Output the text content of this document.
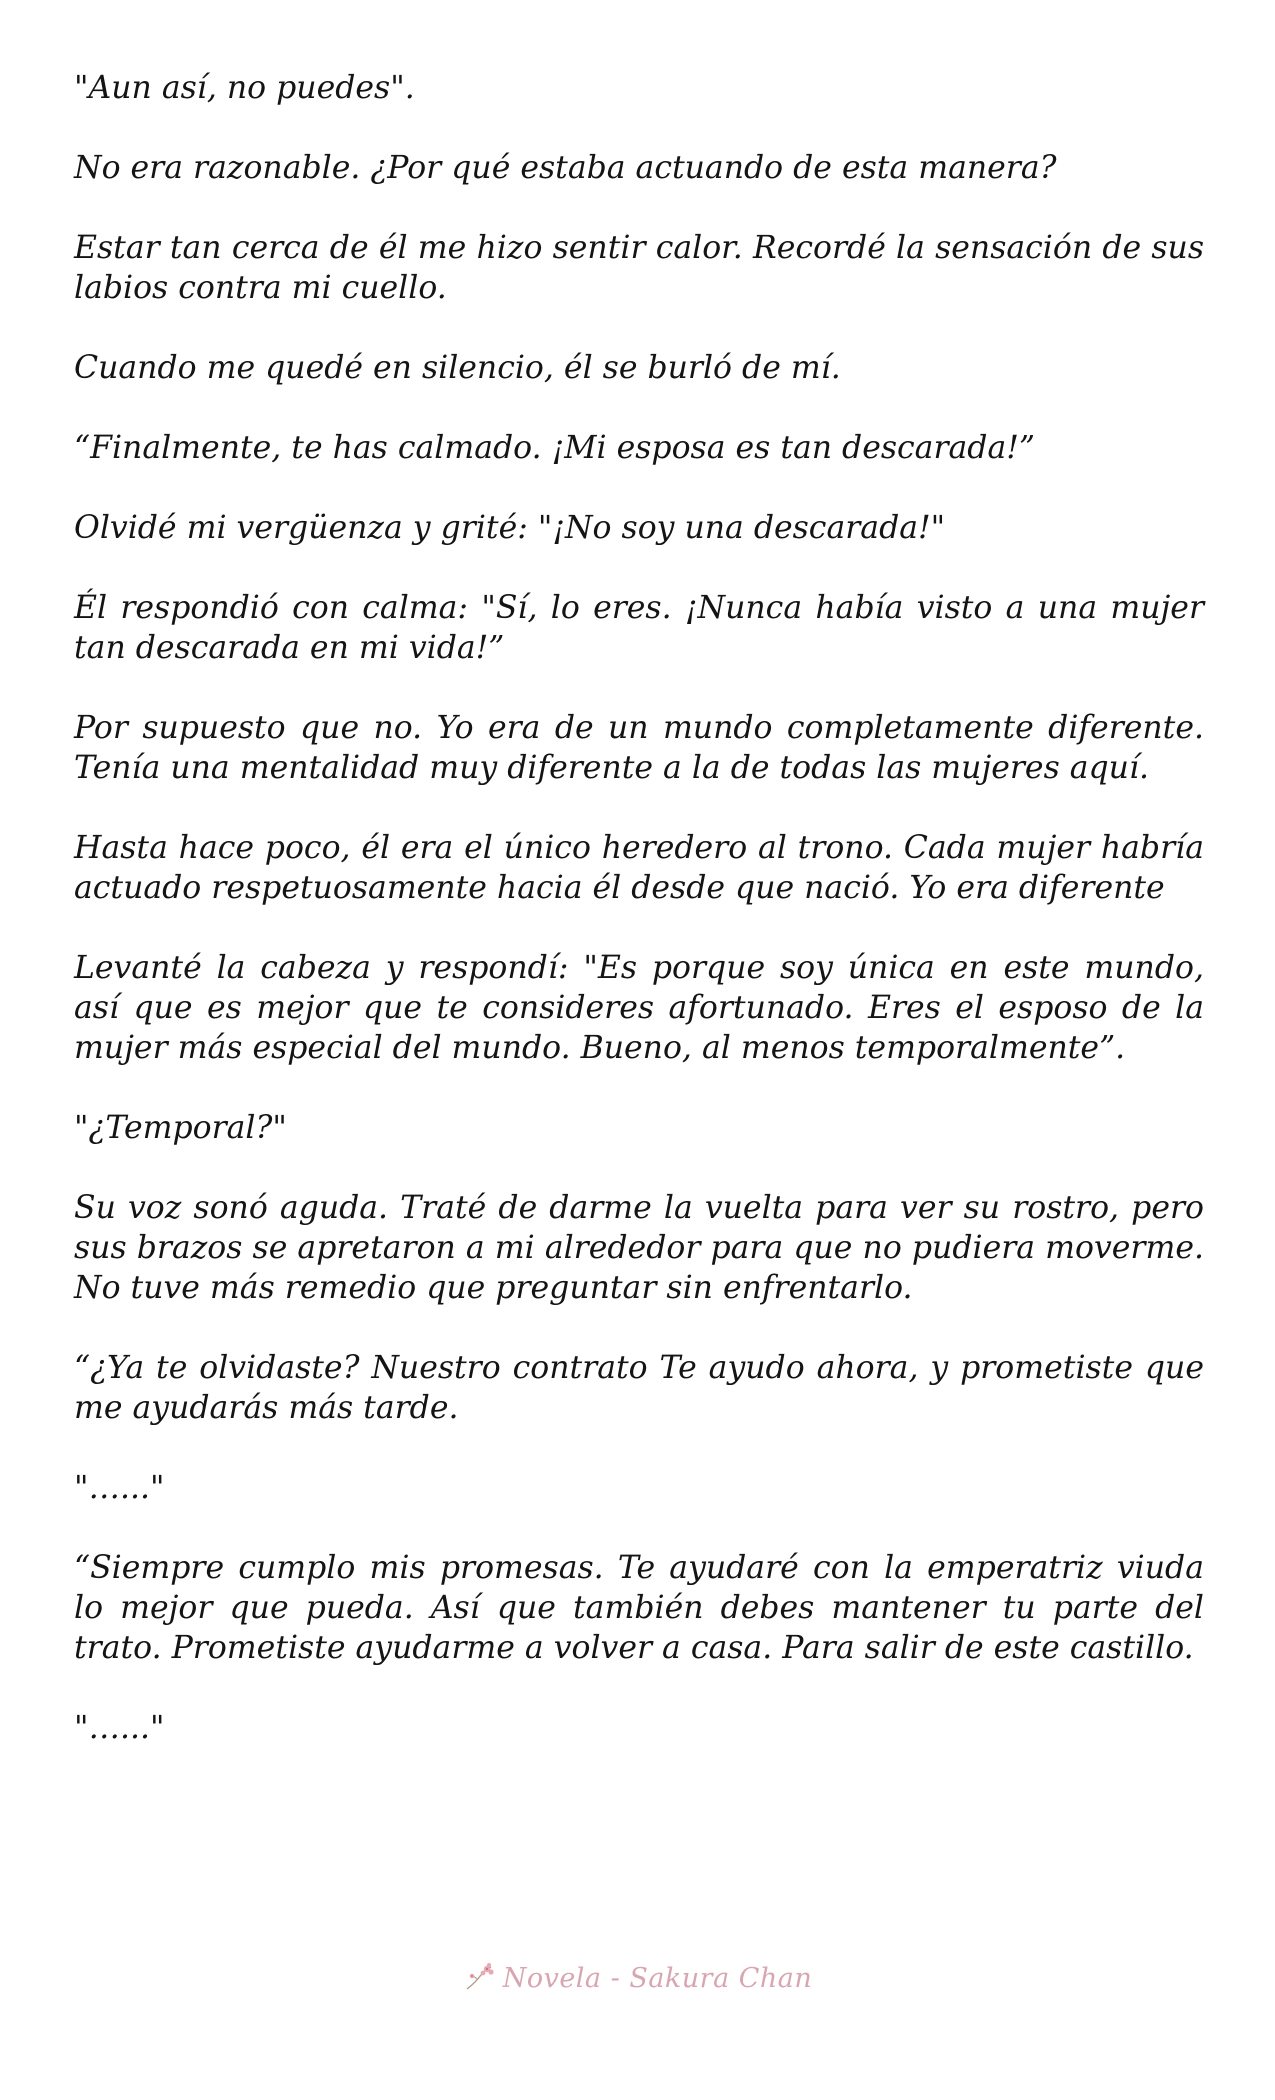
"Aun así, no puedes".

No era razonable. ¿Por qué estaba actuando de esta manera?

Estar tan cerca de él me hizo sentir calor. Recordé la sensación de sus labios contra mi cuello.

Cuando me quedé en silencio, él se burló de mí.

“Finalmente, te has calmado. ¡Mi esposa es tan descarada!”

Olvidé mi vergüenza y grité: "¡No soy una descarada!"

Él respondió con calma: "Sí, lo eres. ¡Nunca había visto a una mujer tan descarada en mi vida!”

Por supuesto que no. Yo era de un mundo completamente diferente. Tenía una mentalidad muy diferente a la de todas las mujeres aquí.

Hasta hace poco, él era el único heredero al trono. Cada mujer habría actuado respetuosamente hacia él desde que nació. Yo era diferente

Levanté la cabeza y respondí: "Es porque soy única en este mundo, así que es mejor que te consideres afortunado. Eres el esposo de la mujer más especial del mundo. Bueno, al menos temporalmente”.

"¿Temporal?"

Su voz sonó aguda. Traté de darme la vuelta para ver su rostro, pero sus brazos se apretaron a mi alrededor para que no pudiera moverme. No tuve más remedio que preguntar sin enfrentarlo.

“¿Ya te olvidaste? Nuestro contrato Te ayudo ahora, y prometiste que me ayudarás más tarde.

"…..."

“Siempre cumplo mis promesas. Te ayudaré con la emperatriz viuda lo mejor que pueda. Así que también debes mantener tu parte del trato. Prometiste ayudarme a volver a casa. Para salir de este castillo.

"…..."

Novela - Sakura Chan
